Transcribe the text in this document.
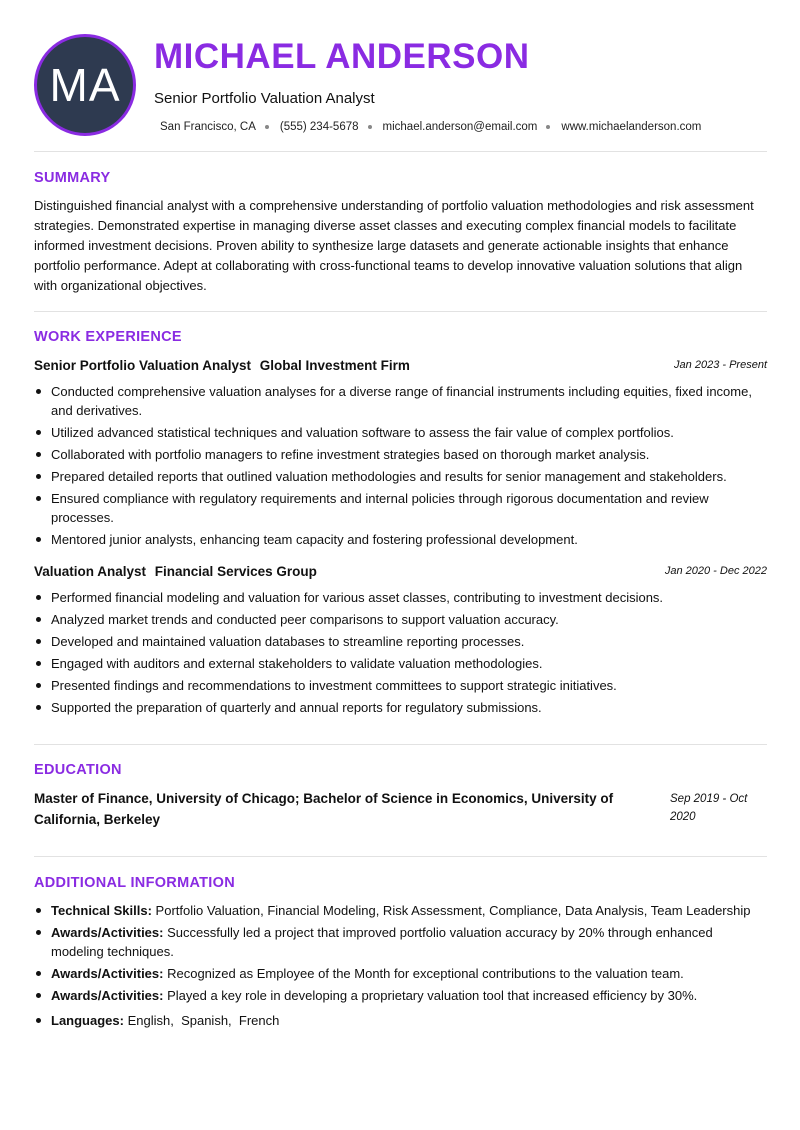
MA
MICHAEL ANDERSON
Senior Portfolio Valuation Analyst
San Francisco, CA (555) 234-5678 michael.anderson@email.com www.michaelanderson.com
SUMMARY
Distinguished financial analyst with a comprehensive understanding of portfolio valuation methodologies and risk assessment strategies. Demonstrated expertise in managing diverse asset classes and executing complex financial models to facilitate informed investment decisions. Proven ability to synthesize large datasets and generate actionable insights that enhance portfolio performance. Adept at collaborating with cross-functional teams to develop innovative valuation solutions that align with organizational objectives.
WORK EXPERIENCE
Senior Portfolio Valuation Analyst Global Investment Firm	Jan 2023 - Present
Conducted comprehensive valuation analyses for a diverse range of financial instruments including equities, fixed income, and derivatives.
Utilized advanced statistical techniques and valuation software to assess the fair value of complex portfolios.
Collaborated with portfolio managers to refine investment strategies based on thorough market analysis.
Prepared detailed reports that outlined valuation methodologies and results for senior management and stakeholders.
Ensured compliance with regulatory requirements and internal policies through rigorous documentation and review processes.
Mentored junior analysts, enhancing team capacity and fostering professional development.
Valuation Analyst Financial Services Group	Jan 2020 - Dec 2022
Performed financial modeling and valuation for various asset classes, contributing to investment decisions.
Analyzed market trends and conducted peer comparisons to support valuation accuracy.
Developed and maintained valuation databases to streamline reporting processes.
Engaged with auditors and external stakeholders to validate valuation methodologies.
Presented findings and recommendations to investment committees to support strategic initiatives.
Supported the preparation of quarterly and annual reports for regulatory submissions.
EDUCATION
Master of Finance, University of Chicago; Bachelor of Science in Economics, University of California, Berkeley
Sep 2019 - Oct 2020
ADDITIONAL INFORMATION
Technical Skills: Portfolio Valuation, Financial Modeling, Risk Assessment, Compliance, Data Analysis, Team Leadership
Awards/Activities: Successfully led a project that improved portfolio valuation accuracy by 20% through enhanced modeling techniques.
Awards/Activities: Recognized as Employee of the Month for exceptional contributions to the valuation team.
Awards/Activities: Played a key role in developing a proprietary valuation tool that increased efficiency by 30%.
Languages: English,  Spanish,  French
